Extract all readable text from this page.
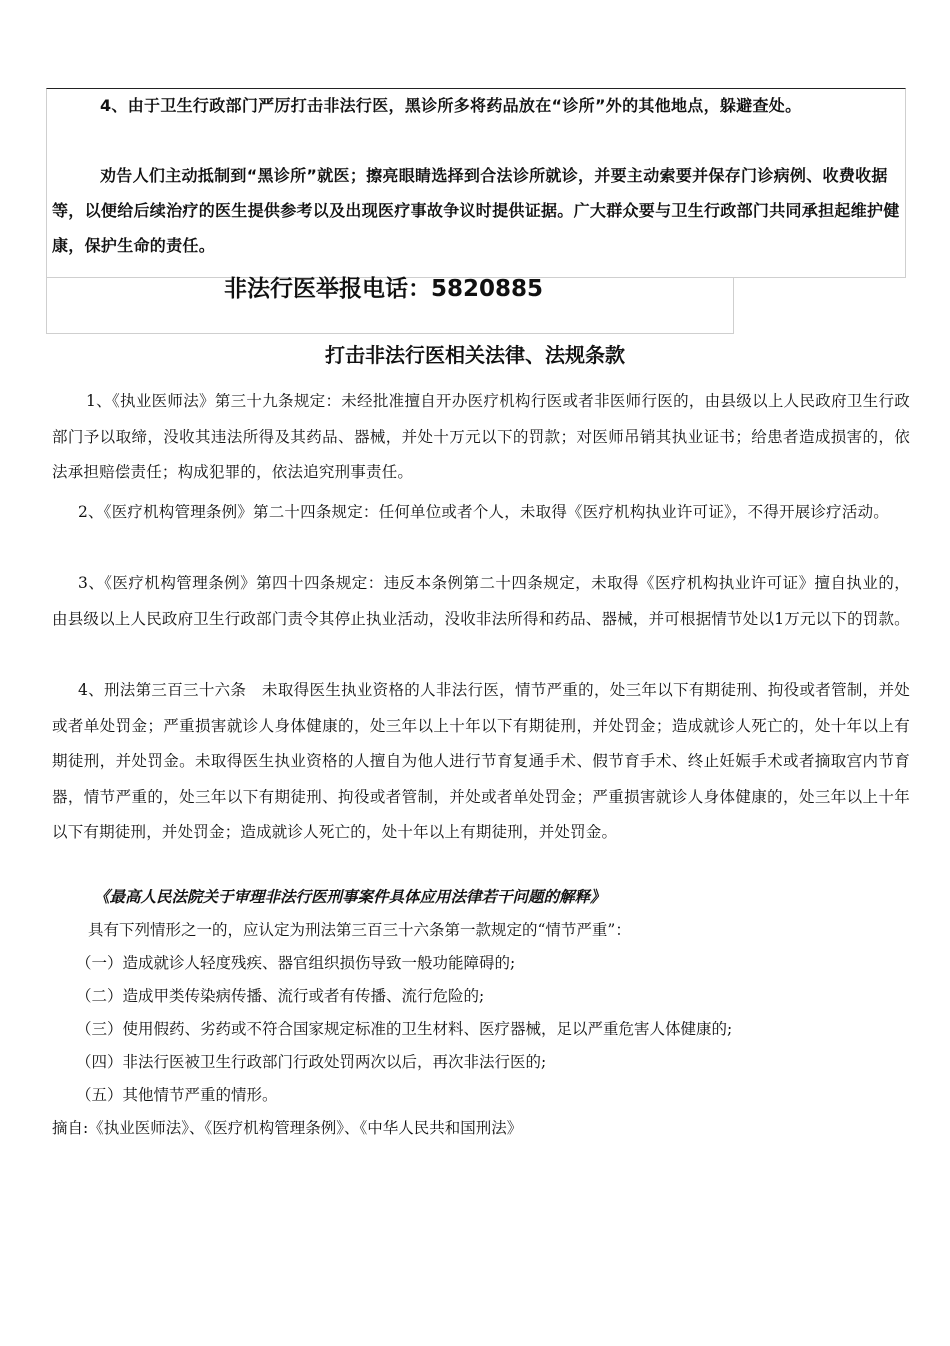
4、由于卫生行政部门严厉打击非法行医，黑诊所多将药品放在“诊所”外的其他地点，躲避查处。

劝告人们主动抵制到“黑诊所”就医；擦亮眼睛选择到合法诊所就诊，并要主动索要并保存门诊病例、收费收据等，以便给后续治疗的医生提供参考以及出现医疗事故争议时提供证据。广大群众要与卫生行政部门共同承担起维护健康，保护生命的责任。

非法行医举报电话：5820885

打击非法行医相关法律、法规条款

1、《执业医师法》第三十九条规定：未经批准擅自开办医疗机构行医或者非医师行医的，由县级以上人民政府卫生行政部门予以取缔，没收其违法所得及其药品、器械，并处十万元以下的罚款；对医师吊销其执业证书；给患者造成损害的，依法承担赔偿责任；构成犯罪的，依法追究刑事责任。

2、《医疗机构管理条例》第二十四条规定：任何单位或者个人，未取得《医疗机构执业许可证》，不得开展诊疗活动。

3、《医疗机构管理条例》第四十四条规定：违反本条例第二十四条规定，未取得《医疗机构执业许可证》擅自执业的，由县级以上人民政府卫生行政部门责令其停止执业活动，没收非法所得和药品、器械，并可根据情节处以1万元以下的罚款。

4、刑法第三百三十六条　未取得医生执业资格的人非法行医，情节严重的，处三年以下有期徒刑、拘役或者管制，并处或者单处罚金；严重损害就诊人身体健康的，处三年以上十年以下有期徒刑，并处罚金；造成就诊人死亡的，处十年以上有期徒刑，并处罚金。未取得医生执业资格的人擅自为他人进行节育复通手术、假节育手术、终止妊娠手术或者摘取宫内节育器，情节严重的，处三年以下有期徒刑、拘役或者管制，并处或者单处罚金；严重损害就诊人身体健康的，处三年以上十年以下有期徒刑，并处罚金；造成就诊人死亡的，处十年以上有期徒刑，并处罚金。

《最高人民法院关于审理非法行医刑事案件具体应用法律若干问题的解释》

具有下列情形之一的，应认定为刑法第三百三十六条第一款规定的“情节严重”：

（一）造成就诊人轻度残疾、器官组织损伤导致一般功能障碍的;

（二）造成甲类传染病传播、流行或者有传播、流行危险的;

（三）使用假药、劣药或不符合国家规定标准的卫生材料、医疗器械，足以严重危害人体健康的;

（四）非法行医被卫生行政部门行政处罚两次以后，再次非法行医的;

（五）其他情节严重的情形。

摘自:《执业医师法》、《医疗机构管理条例》、《中华人民共和国刑法》
